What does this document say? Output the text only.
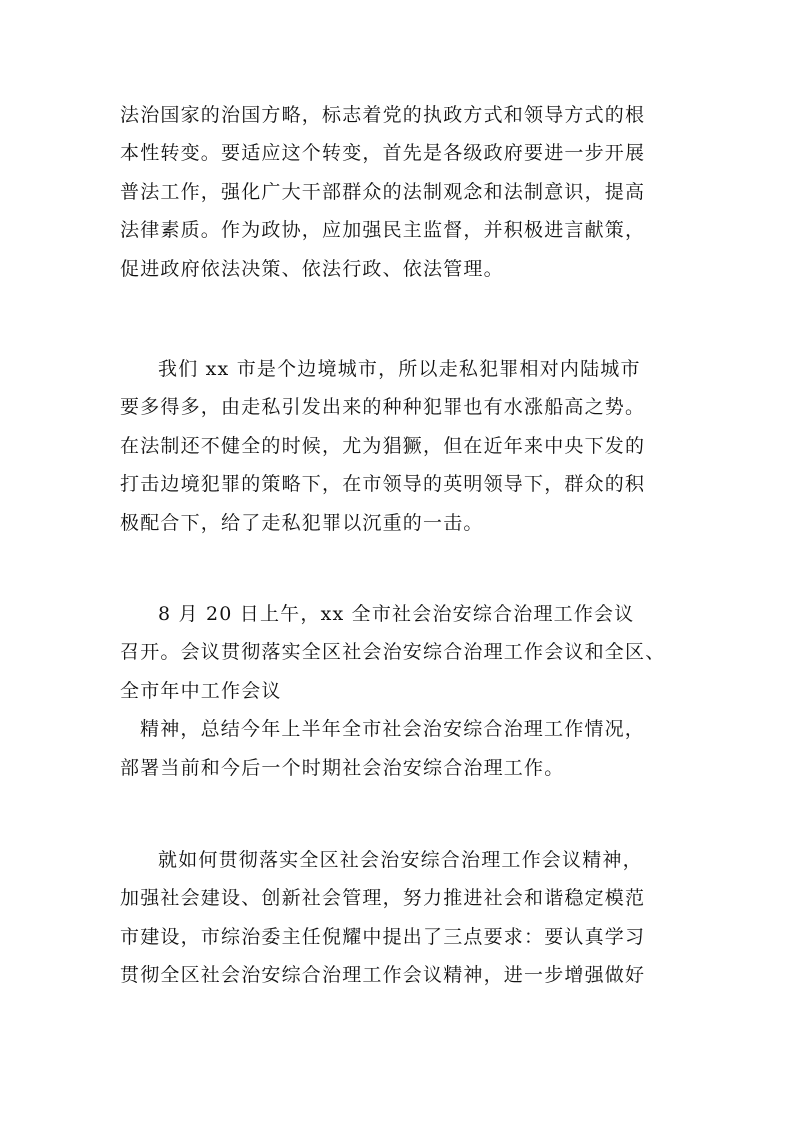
法治国家的治国方略，标志着党的执政方式和领导方式的根
本性转变。要适应这个转变，首先是各级政府要进一步开展
普法工作，强化广大干部群众的法制观念和法制意识，提高
法律素质。作为政协，应加强民主监督，并积极进言献策，
促进政府依法决策、依法行政、依法管理。
我们 xx 市是个边境城市，所以走私犯罪相对内陆城市
要多得多，由走私引发出来的种种犯罪也有水涨船高之势。
在法制还不健全的时候，尤为猖獗，但在近年来中央下发的
打击边境犯罪的策略下，在市领导的英明领导下，群众的积
极配合下，给了走私犯罪以沉重的一击。
8 月 20 日上午，xx 全市社会治安综合治理工作会议
召开。会议贯彻落实全区社会治安综合治理工作会议和全区、
全市年中工作会议
精神，总结今年上半年全市社会治安综合治理工作情况，
部署当前和今后一个时期社会治安综合治理工作。
就如何贯彻落实全区社会治安综合治理工作会议精神，
加强社会建设、创新社会管理，努力推进社会和谐稳定模范
市建设，市综治委主任倪耀中提出了三点要求：要认真学习
贯彻全区社会治安综合治理工作会议精神，进一步增强做好
